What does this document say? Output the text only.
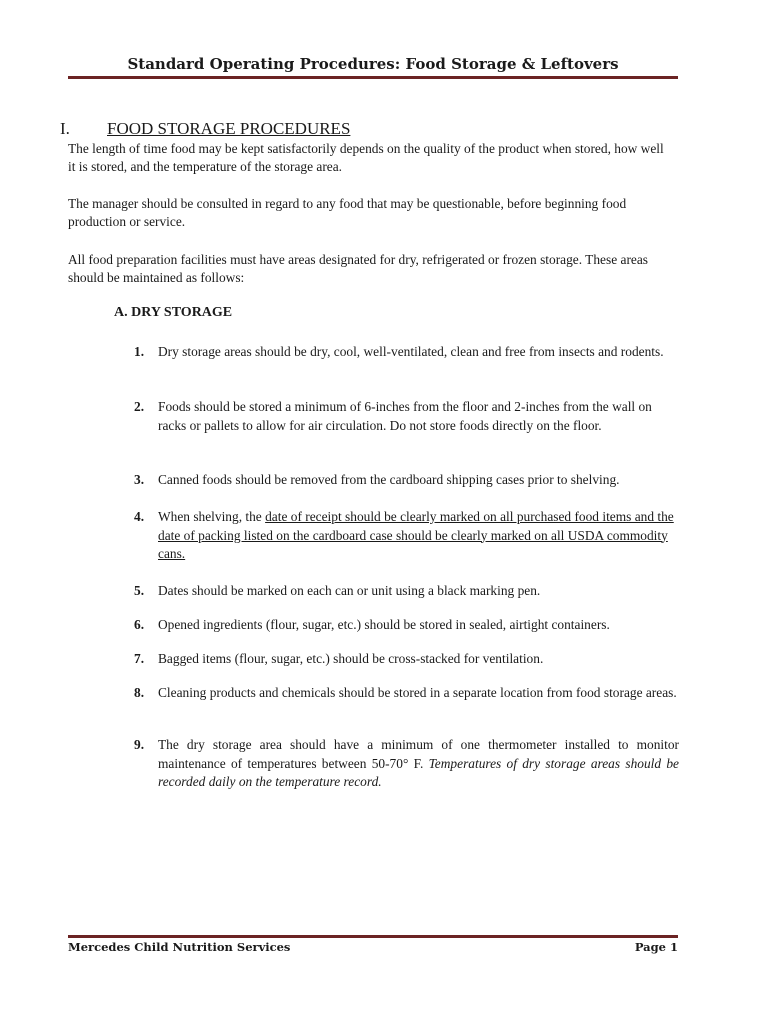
Standard Operating Procedures: Food Storage & Leftovers
I. FOOD STORAGE PROCEDURES
The length of time food may be kept satisfactorily depends on the quality of the product when stored, how well it is stored, and the temperature of the storage area.
The manager should be consulted in regard to any food that may be questionable, before beginning food production or service.
All food preparation facilities must have areas designated for dry, refrigerated or frozen storage. These areas should be maintained as follows:
A. DRY STORAGE
1. Dry storage areas should be dry, cool, well-ventilated, clean and free from insects and rodents.
2. Foods should be stored a minimum of 6-inches from the floor and 2-inches from the wall on racks or pallets to allow for air circulation. Do not store foods directly on the floor.
3. Canned foods should be removed from the cardboard shipping cases prior to shelving.
4. When shelving, the date of receipt should be clearly marked on all purchased food items and the date of packing listed on the cardboard case should be clearly marked on all USDA commodity cans.
5. Dates should be marked on each can or unit using a black marking pen.
6. Opened ingredients (flour, sugar, etc.) should be stored in sealed, airtight containers.
7. Bagged items (flour, sugar, etc.) should be cross-stacked for ventilation.
8. Cleaning products and chemicals should be stored in a separate location from food storage areas.
9. The dry storage area should have a minimum of one thermometer installed to monitor maintenance of temperatures between 50-70° F. Temperatures of dry storage areas should be recorded daily on the temperature record.
Mercedes Child Nutrition Services	Page 1
